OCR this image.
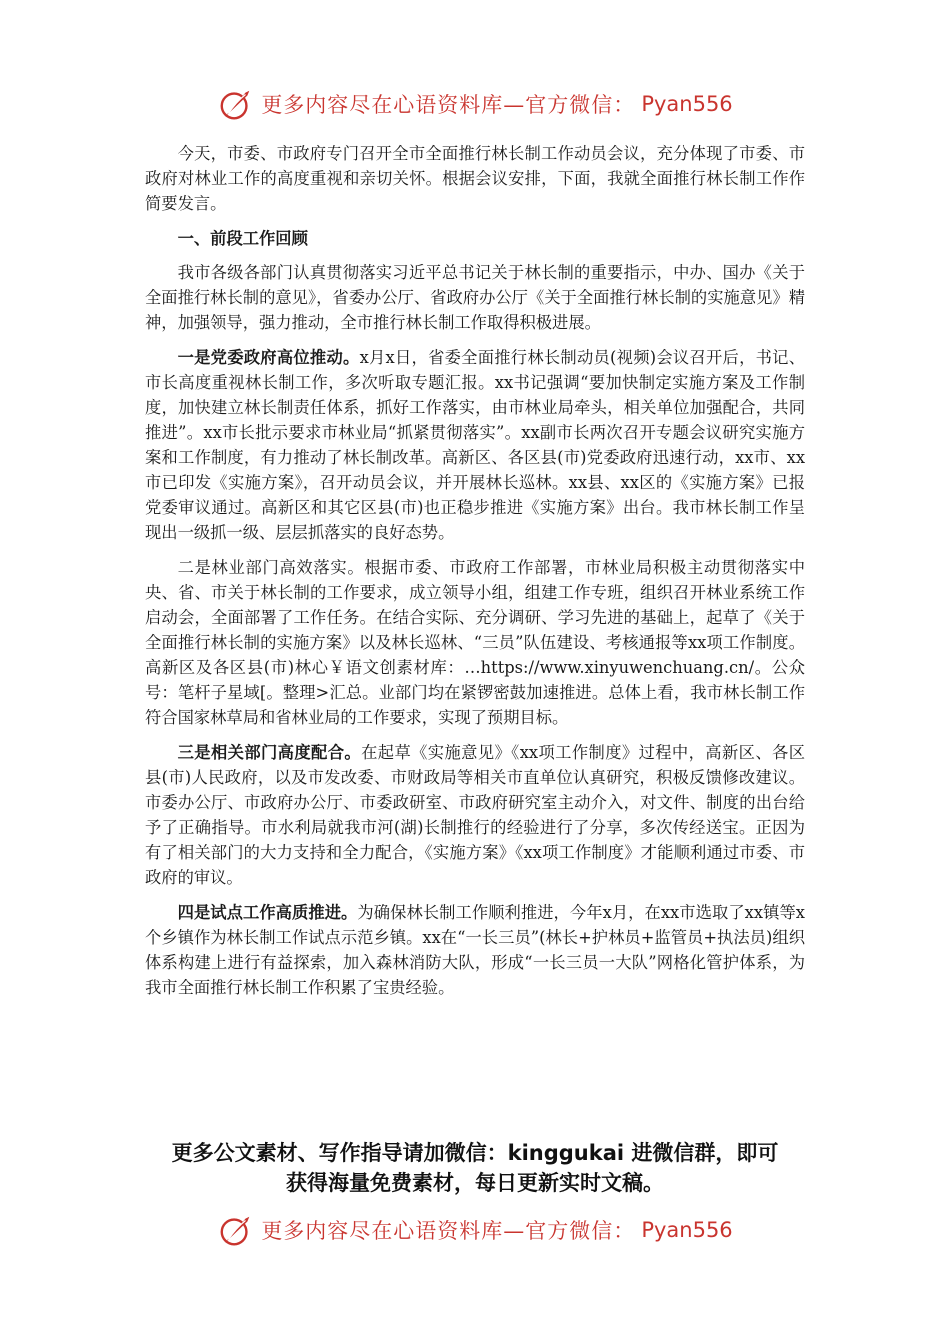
更多内容尽在心语资料库—官方微信： Pyan556

今天，市委、市政府专门召开全市全面推行林长制工作动员会议，充分体现了市委、市政府对林业工作的高度重视和亲切关怀。根据会议安排，下面，我就全面推行林长制工作作简要发言。

一、前段工作回顾

我市各级各部门认真贯彻落实习近平总书记关于林长制的重要指示，中办、国办《关于全面推行林长制的意见》，省委办公厅、省政府办公厅《关于全面推行林长制的实施意见》精神，加强领导，强力推动，全市推行林长制工作取得积极进展。

一是党委政府高位推动。x月x日，省委全面推行林长制动员(视频)会议召开后，书记、市长高度重视林长制工作，多次听取专题汇报。xx书记强调“要加快制定实施方案及工作制度，加快建立林长制责任体系，抓好工作落实，由市林业局牵头，相关单位加强配合，共同推进”。xx市长批示要求市林业局“抓紧贯彻落实”。xx副市长两次召开专题会议研究实施方案和工作制度，有力推动了林长制改革。高新区、各区县(市)党委政府迅速行动，xx市、xx市已印发《实施方案》，召开动员会议，并开展林长巡林。xx县、xx区的《实施方案》已报党委审议通过。高新区和其它区县(市)也正稳步推进《实施方案》出台。我市林长制工作呈现出一级抓一级、层层抓落实的良好态势。

二是林业部门高效落实。根据市委、市政府工作部署，市林业局积极主动贯彻落实中央、省、市关于林长制的工作要求，成立领导小组，组建工作专班，组织召开林业系统工作启动会，全面部署了工作任务。在结合实际、充分调研、学习先进的基础上，起草了《关于全面推行林长制的实施方案》以及林长巡林、“三员”队伍建设、考核通报等xx项工作制度。高新区及各区县(市)林心￥语文创素材库：…https://www.xinyuwenchuang.cn/。公众号：笔杆子星域[。整理>汇总。业部门均在紧锣密鼓加速推进。总体上看，我市林长制工作符合国家林草局和省林业局的工作要求，实现了预期目标。

三是相关部门高度配合。在起草《实施意见》《xx项工作制度》过程中，高新区、各区县(市)人民政府，以及市发改委、市财政局等相关市直单位认真研究，积极反馈修改建议。市委办公厅、市政府办公厅、市委政研室、市政府研究室主动介入，对文件、制度的出台给予了正确指导。市水利局就我市河(湖)长制推行的经验进行了分享，多次传经送宝。正因为有了相关部门的大力支持和全力配合，《实施方案》《xx项工作制度》才能顺利通过市委、市政府的审议。

四是试点工作高质推进。为确保林长制工作顺利推进，今年x月，在xx市选取了xx镇等x个乡镇作为林长制工作试点示范乡镇。xx在“一长三员”(林长+护林员+监管员+执法员)组织体系构建上进行有益探索，加入森林消防大队，形成“一长三员一大队”网格化管护体系，为我市全面推行林长制工作积累了宝贵经验。

更多公文素材、写作指导请加微信：kinggukai 进微信群，即可
获得海量免费素材，每日更新实时文稿。
更多内容尽在心语资料库—官方微信： Pyan556
